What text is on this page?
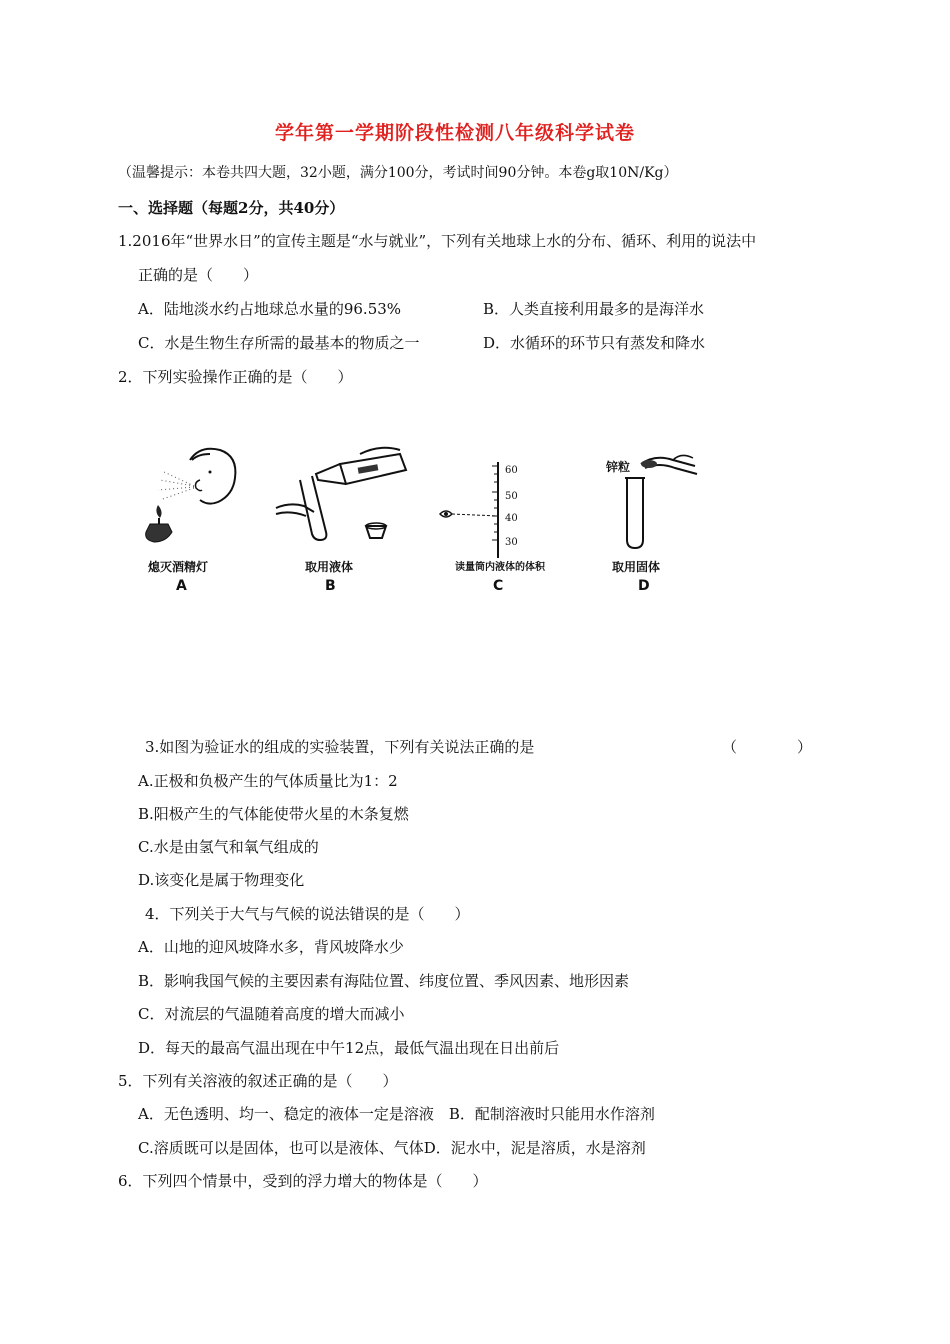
学年第一学期阶段性检测八年级科学试卷
（温馨提示：本卷共四大题，32小题，满分100分，考试时间90分钟。本卷g取10N/Kg）
一、选择题（每题2分，共40分）
1.2016年“世界水日”的宣传主题是“水与就业”，下列有关地球上水的分布、循环、利用的说法中
正确的是（　　）
A．陆地淡水约占地球总水量的96.53%	B．人类直接利用最多的是海洋水
C．水是生物生存所需的最基本的物质之一	D．水循环的环节只有蒸发和降水
2．下列实验操作正确的是（　　）
熄灭酒精灯
A
取用液体
B
60
50
40
30
读量筒内液体的体积
C
锌粒
取用固体
D
3.如图为验证水的组成的实验装置，下列有关说法正确的是	（　　　　）
A.正极和负极产生的气体质量比为1：2
B.阳极产生的气体能使带火星的木条复燃
C.水是由氢气和氧气组成的
D.该变化是属于物理变化
4．下列关于大气与气候的说法错误的是（　　）
A．山地的迎风坡降水多，背风坡降水少
B．影响我国气候的主要因素有海陆位置、纬度位置、季风因素、地形因素
C．对流层的气温随着高度的增大而减小
D．每天的最高气温出现在中午12点，最低气温出现在日出前后
5．下列有关溶液的叙述正确的是（　　）
A．无色透明、均一、稳定的液体一定是溶液　B．配制溶液时只能用水作溶剂
C.溶质既可以是固体，也可以是液体、气体D．泥水中，泥是溶质，水是溶剂
6．下列四个情景中，受到的浮力增大的物体是（　　）
